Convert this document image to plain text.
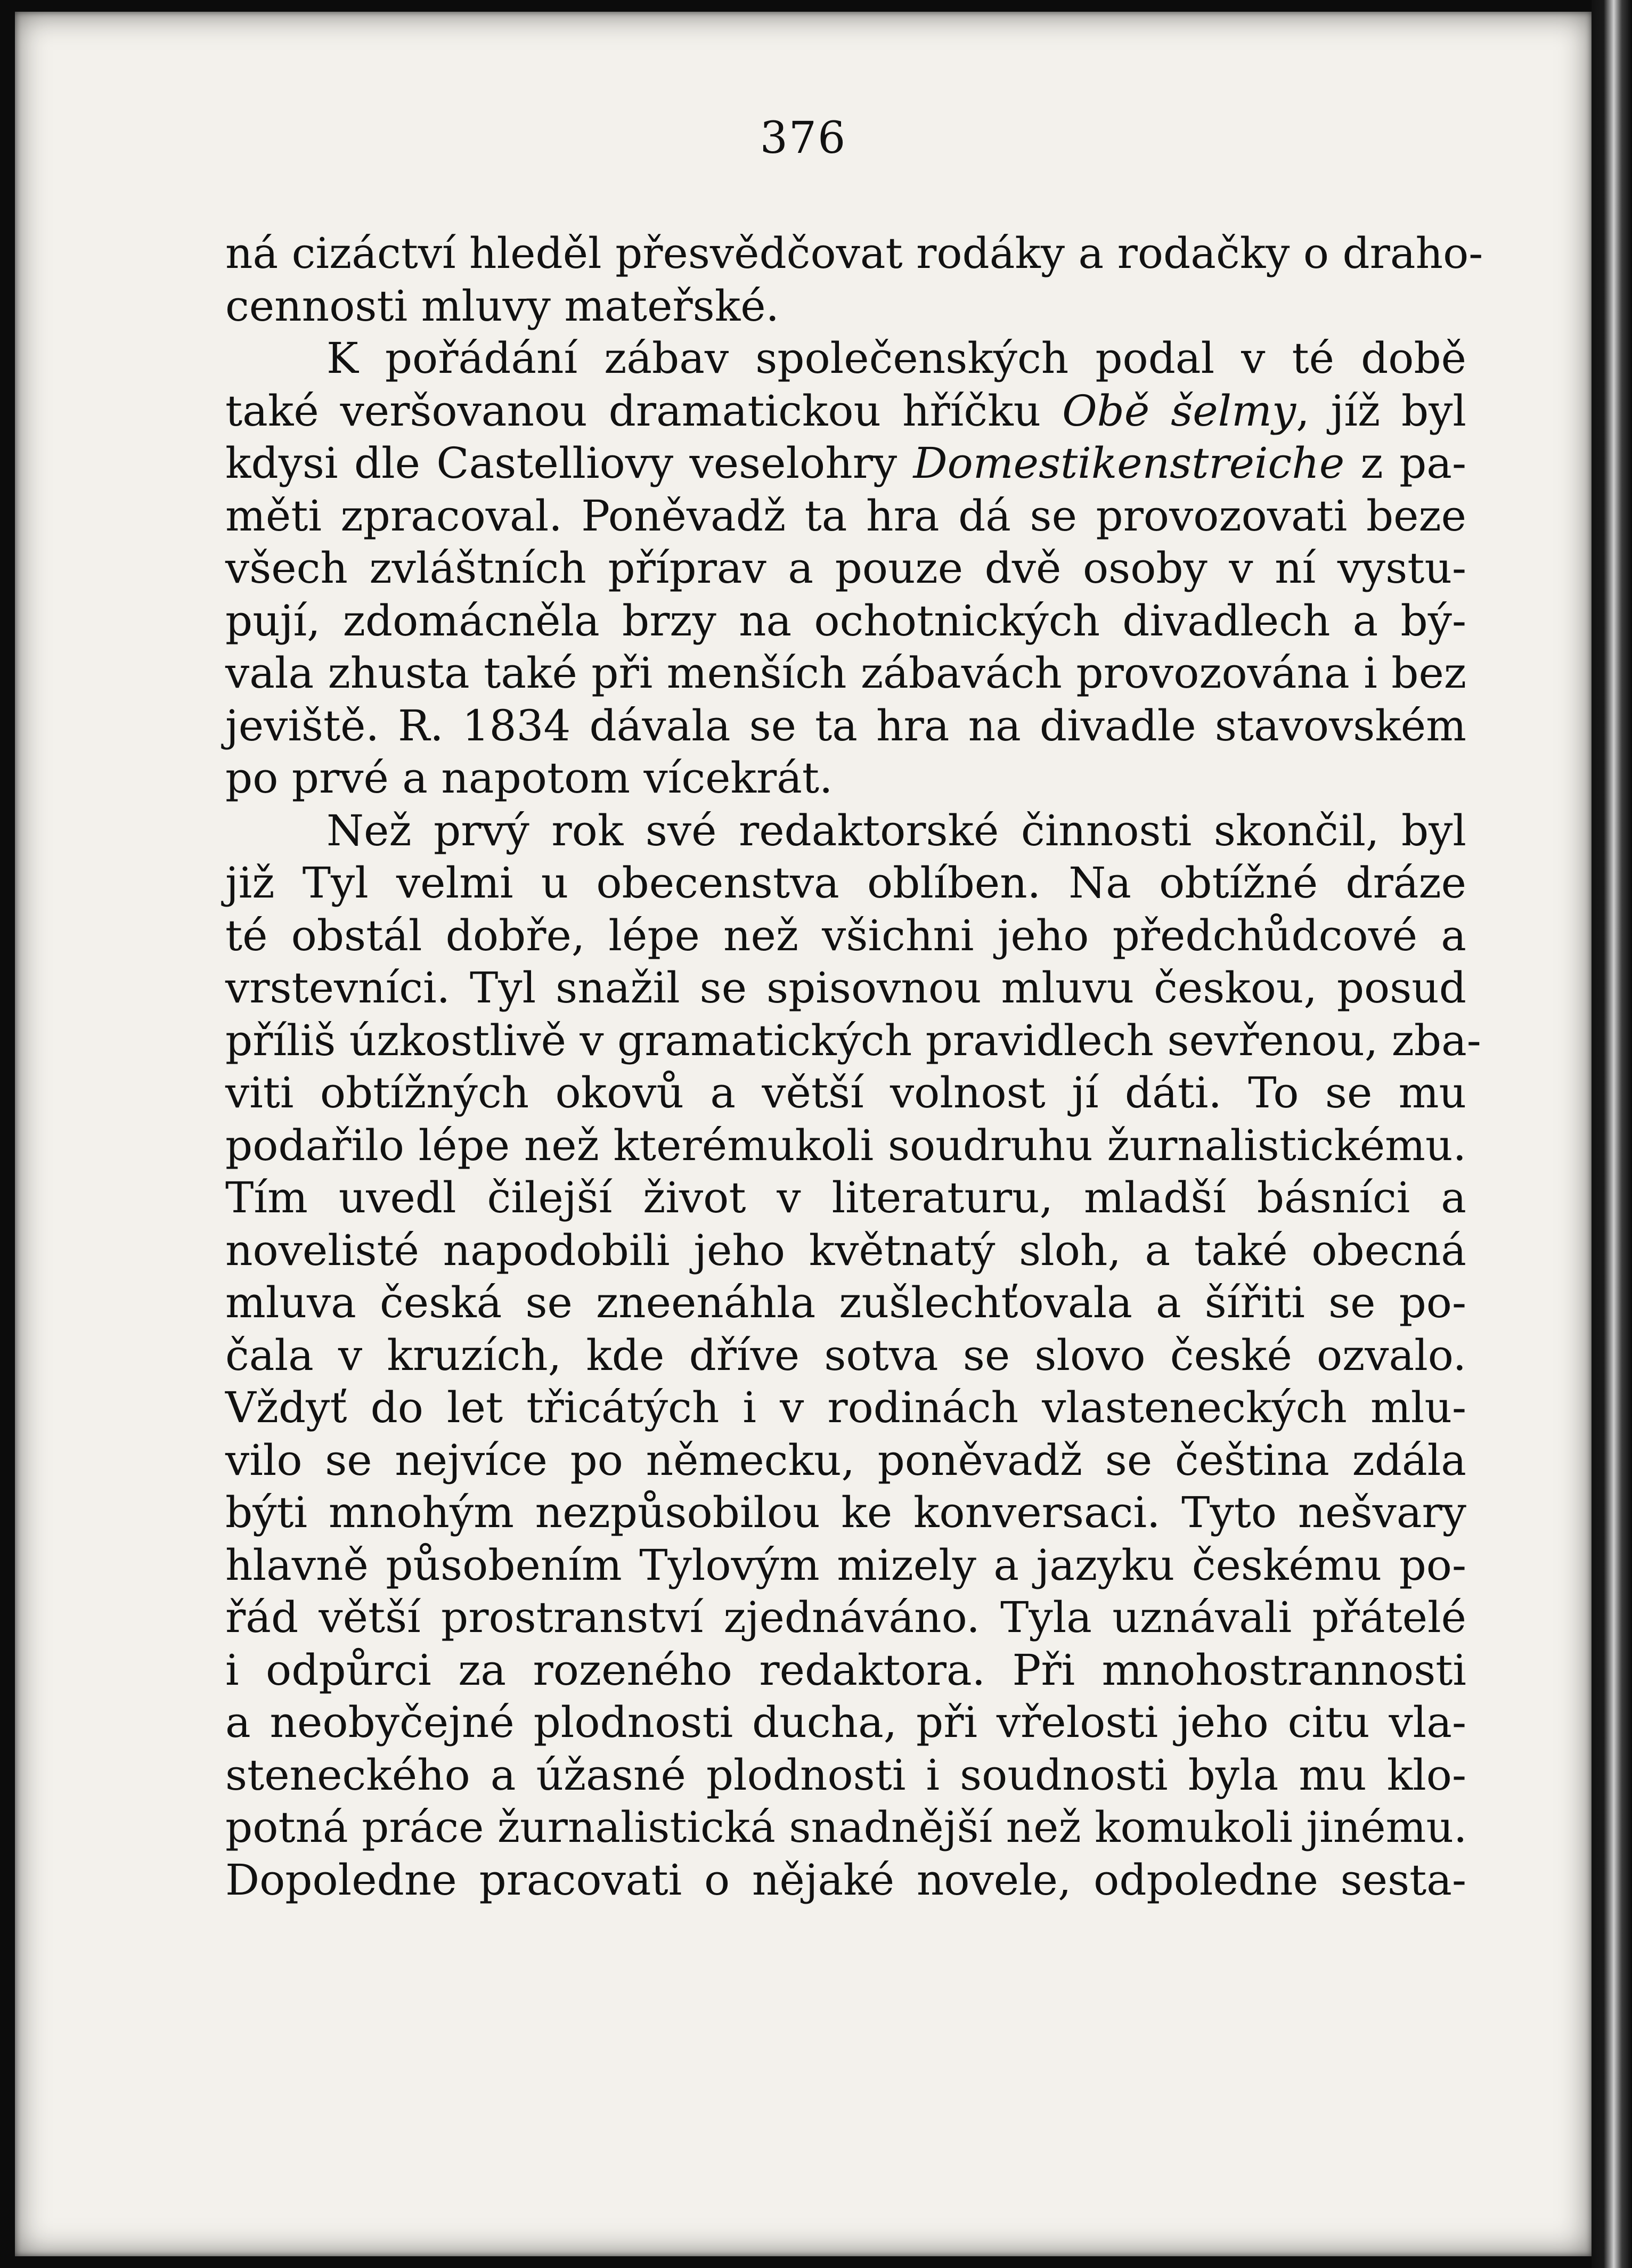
376
ná cizáctví hleděl přesvědčovat rodáky a rodačky o draho-
cennosti mluvy mateřské.
K pořádání zábav společenských podal v té době
také veršovanou dramatickou hříčku Obě šelmy, jíž byl
kdysi dle Castelliovy veselohry Domestikenstreiche z pa-
měti zpracoval. Poněvadž ta hra dá se provozovati beze
všech zvláštních příprav a pouze dvě osoby v ní vystu-
pují, zdomácněla brzy na ochotnických divadlech a bý-
vala zhusta také při menších zábavách provozována i bez
jeviště. R. 1834 dávala se ta hra na divadle stavovském
po prvé a napotom vícekrát.
Než prvý rok své redaktorské činnosti skončil, byl
již Tyl velmi u obecenstva oblíben. Na obtížné dráze
té obstál dobře, lépe než všichni jeho předchůdcové a
vrstevníci. Tyl snažil se spisovnou mluvu českou, posud
příliš úzkostlivě v gramatických pravidlech sevřenou, zba-
viti obtížných okovů a větší volnost jí dáti. To se mu
podařilo lépe než kterémukoli soudruhu žurnalistickému.
Tím uvedl čilejší život v literaturu, mladší básníci a
novelisté napodobili jeho květnatý sloh, a také obecná
mluva česká se zneenáhla zušlechťovala a šířiti se po-
čala v kruzích, kde dříve sotva se slovo české ozvalo.
Vždyť do let třicátých i v rodinách vlasteneckých mlu-
vilo se nejvíce po německu, poněvadž se čeština zdála
býti mnohým nezpůsobilou ke konversaci. Tyto nešvary
hlavně působením Tylovým mizely a jazyku českému po-
řád větší prostranství zjednáváno. Tyla uznávali přátelé
i odpůrci za rozeného redaktora. Při mnohostrannosti
a neobyčejné plodnosti ducha, při vřelosti jeho citu vla-
steneckého a úžasné plodnosti i soudnosti byla mu klo-
potná práce žurnalistická snadnější než komukoli jinému.
Dopoledne pracovati o nějaké novele, odpoledne sesta-
